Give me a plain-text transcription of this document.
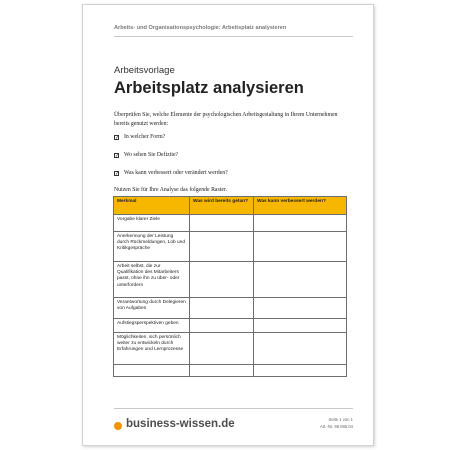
Arbeits- und Organisationspsychologie: Arbeitsplatz analysieren
Arbeitsvorlage
Arbeitsplatz analysieren
Überprüfen Sie, welche Elemente der psychologischen Arbeitsgestaltung in Ihrem Unternehmen bereits genutzt werden:
✓ In welcher Form?
✓ Wo sehen Sie Defizite?
✓ Was kann verbessert oder verändert werden?
Nutzen Sie für Ihre Analyse das folgende Raster.
business-wissen.de	Seite 1 von 1
Art.-Nr. 96.085.04
Merkmal	Was wird bereits getan?	Was kann verbessert werden?
Vorgabe klarer Ziele		
Anerkennung der Leistung durch Rückmeldungen, Lob und Kritikgespräche		
Arbeit selbst, die zur Qualifikation des Mitarbeiters passt, ohne ihn zu über- oder unterfordern		
Verantwortung durch Delegieren von Aufgaben		
Aufstiegsperspektiven geben		
Möglichkeiten, sich persönlich weiter zu entwickeln durch Erfahrungen und Lernprozesse		
